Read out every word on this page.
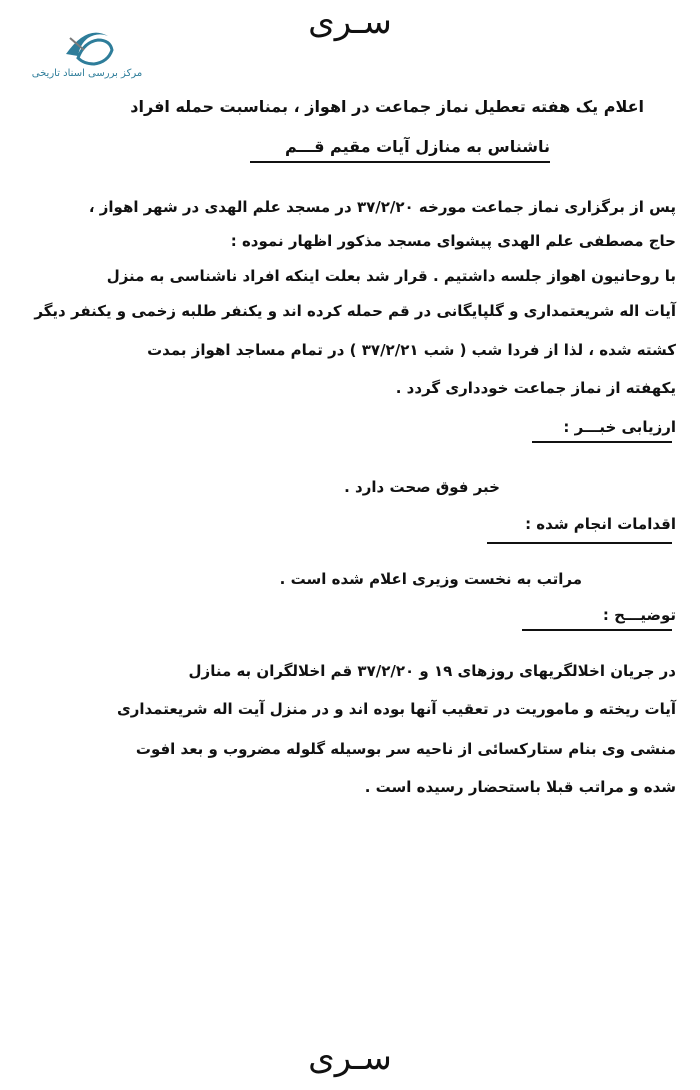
سـری
مرکز بررسی اسناد تاریخی
اعلام یک هفته تعطیل نماز جماعت در اهواز ، بمناسبت حمله افراد
ناشناس به منازل آیات مقیم قـــم
پس از برگزاری نماز جماعت مورخه ۳۷/۲/۲۰ در مسجد علم الهدی در شهر اهواز ،
حاج مصطفی علم الهدی پیشوای مسجد مذکور اظهار نموده :
با روحانیون اهواز جلسه داشتیم . قرار شد بعلت اینکه افراد ناشناسی به منزل
آیات اله شریعتمداری و گلپایگانی در قم حمله کرده اند و یکنفر طلبه زخمی و یکنفر دیگر
کشته شده ، لذا از فردا شب ( شب ۳۷/۲/۲۱ ) در تمام مساجد اهواز بمدت
یکهفته از نماز جماعت خودداری گردد .
ارزیابی خبـــر :
خبر فوق صحت دارد .
اقدامات انجام شده :
مراتب به نخست وزیری اعلام شده است .
توضیـــح :
در جریان اخلالگریهای روزهای ۱۹ و ۳۷/۲/۲۰ قم اخلالگران به منازل
آیات ریخته و ماموریت در تعقیب آنها بوده اند و در منزل آیت اله شریعتمداری
منشی وی بنام ستارکسائی از ناحیه سر بوسیله گلوله مضروب و بعد افوت
شده و مراتب قبلا باستحضار رسیده است .
سـری
